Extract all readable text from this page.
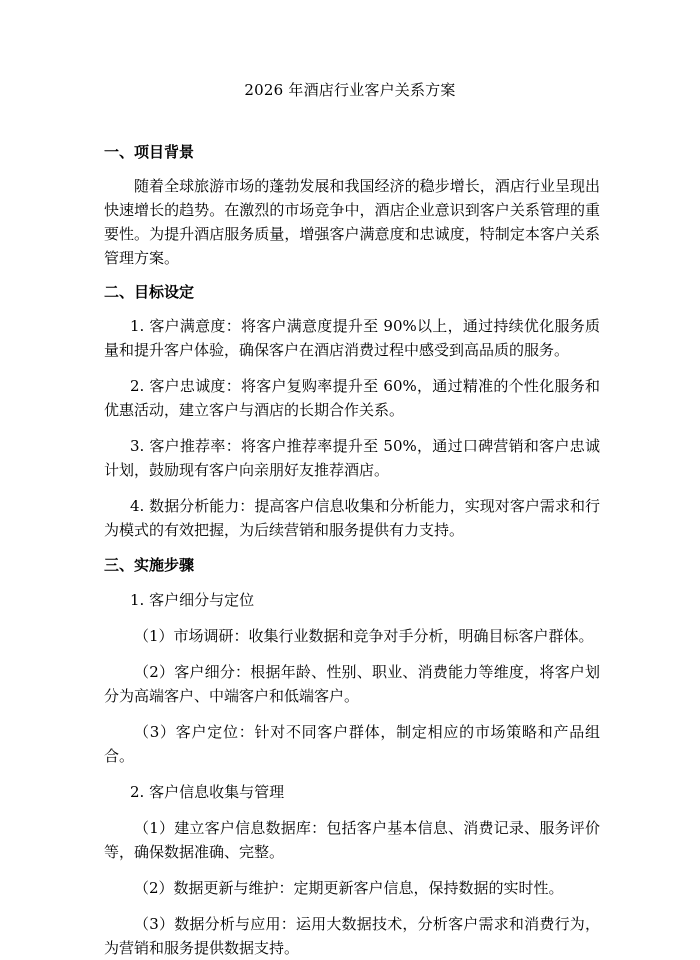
2026 年酒店行业客户关系方案
一、项目背景
随着全球旅游市场的蓬勃发展和我国经济的稳步增长，酒店行业呈现出快速增长的趋势。在激烈的市场竞争中，酒店企业意识到客户关系管理的重要性。为提升酒店服务质量，增强客户满意度和忠诚度，特制定本客户关系管理方案。
二、目标设定
1. 客户满意度：将客户满意度提升至 90%以上，通过持续优化服务质量和提升客户体验，确保客户在酒店消费过程中感受到高品质的服务。
2. 客户忠诚度：将客户复购率提升至 60%，通过精准的个性化服务和优惠活动，建立客户与酒店的长期合作关系。
3. 客户推荐率：将客户推荐率提升至 50%，通过口碑营销和客户忠诚计划，鼓励现有客户向亲朋好友推荐酒店。
4. 数据分析能力：提高客户信息收集和分析能力，实现对客户需求和行为模式的有效把握，为后续营销和服务提供有力支持。
三、实施步骤
1. 客户细分与定位
（1）市场调研：收集行业数据和竞争对手分析，明确目标客户群体。
（2）客户细分：根据年龄、性别、职业、消费能力等维度，将客户划分为高端客户、中端客户和低端客户。
（3）客户定位：针对不同客户群体，制定相应的市场策略和产品组合。
2. 客户信息收集与管理
（1）建立客户信息数据库：包括客户基本信息、消费记录、服务评价等，确保数据准确、完整。
（2）数据更新与维护：定期更新客户信息，保持数据的实时性。
（3）数据分析与应用：运用大数据技术，分析客户需求和消费行为，为营销和服务提供数据支持。
